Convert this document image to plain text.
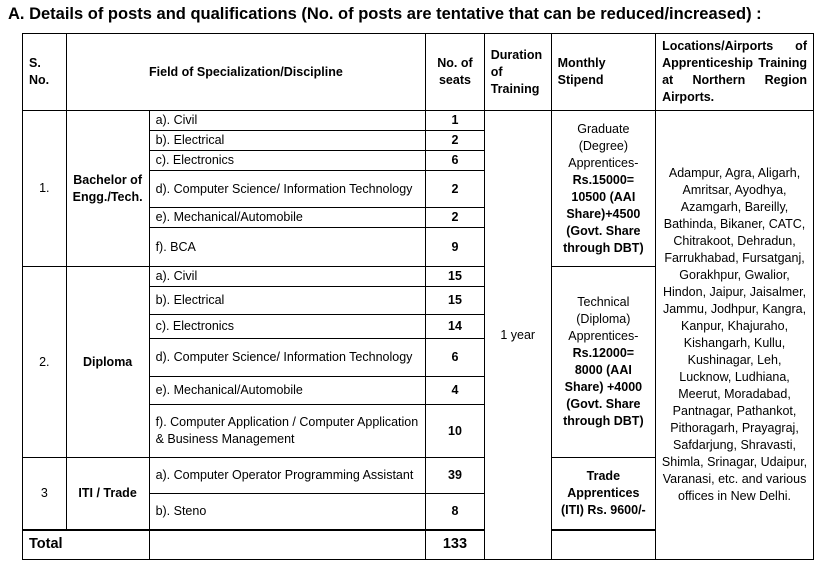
A. Details of posts and qualifications (No. of posts are tentative that can be reduced/increased) :
S. No.	Field of Specialization/Discipline		No. of seats	Duration of Training	Monthly Stipend	Locations/Airports of Apprenticeship Training at Northern Region Airports.
1.	Bachelor of Engg./Tech.	a). Civil	1	1 year	Graduate (Degree) Apprentices- Rs.15000= 10500 (AAI Share)+4500 (Govt. Share through DBT)	Adampur, Agra, Aligarh, Amritsar, Ayodhya, Azamgarh, Bareilly, Bathinda, Bikaner, CATC, Chitrakoot, Dehradun, Farrukhabad, Fursatganj, Gorakhpur, Gwalior, Hindon, Jaipur, Jaisalmer, Jammu, Jodhpur, Kangra, Kanpur, Khajuraho, Kishangarh, Kullu, Kushinagar, Leh, Lucknow, Ludhiana, Meerut, Moradabad, Pantnagar, Pathankot, Pithoragarh, Prayagraj, Safdarjung, Shravasti, Shimla, Srinagar, Udaipur, Varanasi, etc. and various offices in New Delhi.
		b). Electrical	2			
		c). Electronics	6			
		d). Computer Science/ Information Technology	2			
		e). Mechanical/Automobile	2			
		f). BCA	9			
2.	Diploma	a). Civil	15		Technical (Diploma) Apprentices- Rs.12000= 8000 (AAI Share) +4000 (Govt. Share through DBT)	
		b). Electrical	15			
		c). Electronics	14			
		d). Computer Science/ Information Technology	6			
		e). Mechanical/Automobile	4			
		f). Computer Application / Computer Application & Business Management	10			
3	ITI / Trade	a). Computer Operator Programming Assistant	39		Trade Apprentices (ITI) Rs. 9600/-	
		b). Steno	8			
Total			133			
